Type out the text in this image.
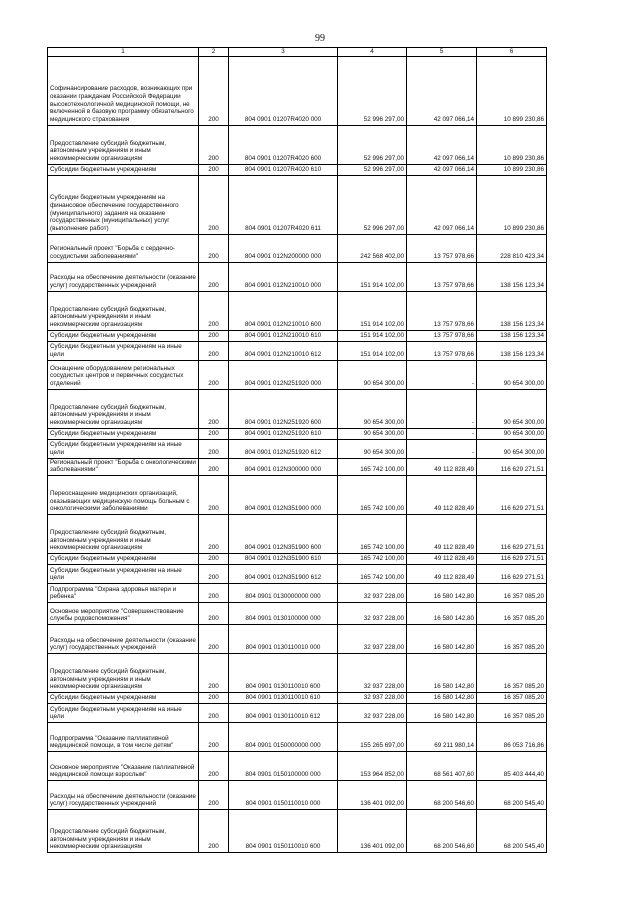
99
1	2	3	4	5	6
Софинансирование расходов, возникающих при оказании гражданам Российской Федерации высокотехнологичной медицинской помощи, не включенной в базовую программу обязательного медицинского страхования	200	804 0901 01207R4020 000	52 996 297,00	42 097 066,14	10 899 230,86
Предоставление субсидий бюджетным, автономным учреждениям и иным некоммерческим организациям	200	804 0901 01207R4020 600	52 996 297,00	42 097 066,14	10 899 230,86
Субсидии бюджетным учреждениям	200	804 0901 01207R4020 610	52 996 297,00	42 097 066,14	10 899 230,86
Субсидии бюджетным учреждениям на финансовое обеспечение государственного (муниципального) задания на оказание государственных (муниципальных) услуг (выполнение работ)	200	804 0901 01207R4020 611	52 996 297,00	42 097 066,14	10 899 230,86
Региональный проект "Борьба с сердечно-сосудистыми заболеваниями"	200	804 0901 012N200000 000	242 568 402,00	13 757 978,66	228 810 423,34
Расходы на обеспечение деятельности (оказание услуг) государственных учреждений	200	804 0901 012N210010 000	151 914 102,00	13 757 978,66	138 156 123,34
Предоставление субсидий бюджетным, автономным учреждениям и иным некоммерческим организациям	200	804 0901 012N210010 600	151 914 102,00	13 757 978,66	138 156 123,34
Субсидии бюджетным учреждениям	200	804 0901 012N210010 610	151 914 102,00	13 757 978,66	138 156 123,34
Субсидии бюджетным учреждениям на иные цели	200	804 0901 012N210010 612	151 914 102,00	13 757 978,66	138 156 123,34
Оснащение оборудованием региональных сосудистых центров и первичных сосудистых отделений	200	804 0901 012N251920 000	90 654 300,00	-	90 654 300,00
Предоставление субсидий бюджетным, автономным учреждениям и иным некоммерческим организациям	200	804 0901 012N251920 600	90 654 300,00	-	90 654 300,00
Субсидии бюджетным учреждениям	200	804 0901 012N251920 610	90 654 300,00	-	90 654 300,00
Субсидии бюджетным учреждениям на иные цели	200	804 0901 012N251920 612	90 654 300,00	-	90 654 300,00
Региональный проект "Борьба с онкологическими заболеваниями"	200	804 0901 012N300000 000	165 742 100,00	49 112 828,49	116 629 271,51
Переоснащение медицинских организаций, оказывающих медицинскую помощь больным с онкологическими заболеваниями	200	804 0901 012N351900 000	165 742 100,00	49 112 828,49	116 629 271,51
Предоставление субсидий бюджетным, автономным учреждениям и иным некоммерческим организациям	200	804 0901 012N351900 600	165 742 100,00	49 112 828,49	116 629 271,51
Субсидии бюджетным учреждениям	200	804 0901 012N351900 610	165 742 100,00	49 112 828,49	116 629 271,51
Субсидии бюджетным учреждениям на иные цели	200	804 0901 012N351900 612	165 742 100,00	49 112 828,49	116 629 271,51
Подпрограмма "Охрана здоровья матери и ребенка"	200	804 0901 0130000000 000	32 937 228,00	16 580 142,80	16 357 085,20
Основное мероприятие "Совершенствование службы родовспоможения"	200	804 0901 0130100000 000	32 937 228,00	16 580 142,80	16 357 085,20
Расходы на обеспечение деятельности (оказание услуг) государственных учреждений	200	804 0901 0130110010 000	32 937 228,00	16 580 142,80	16 357 085,20
Предоставление субсидий бюджетным, автономным учреждениям и иным некоммерческим организациям	200	804 0901 0130110010 600	32 937 228,00	16 580 142,80	16 357 085,20
Субсидии бюджетным учреждениям	200	804 0901 0130110010 610	32 937 228,00	16 580 142,80	16 357 085,20
Субсидии бюджетным учреждениям на иные цели	200	804 0901 0130110010 612	32 937 228,00	16 580 142,80	16 357 085,20
Подпрограмма "Оказание паллиативной медицинской помощи, в том числе детям"	200	804 0901 0150000000 000	155 265 697,00	69 211 980,14	86 053 716,86
Основное мероприятие "Оказание паллиативной медицинской помощи взрослым"	200	804 0901 0150100000 000	153 964 852,00	68 561 407,60	85 403 444,40
Расходы на обеспечение деятельности (оказание услуг) государственных учреждений	200	804 0901 0150110010 000	136 401 092,00	68 200 546,60	68 200 545,40
Предоставление субсидий бюджетным, автономным учреждениям и иным некоммерческим организациям	200	804 0901 0150110010 600	136 401 092,00	68 200 546,60	68 200 545,40
